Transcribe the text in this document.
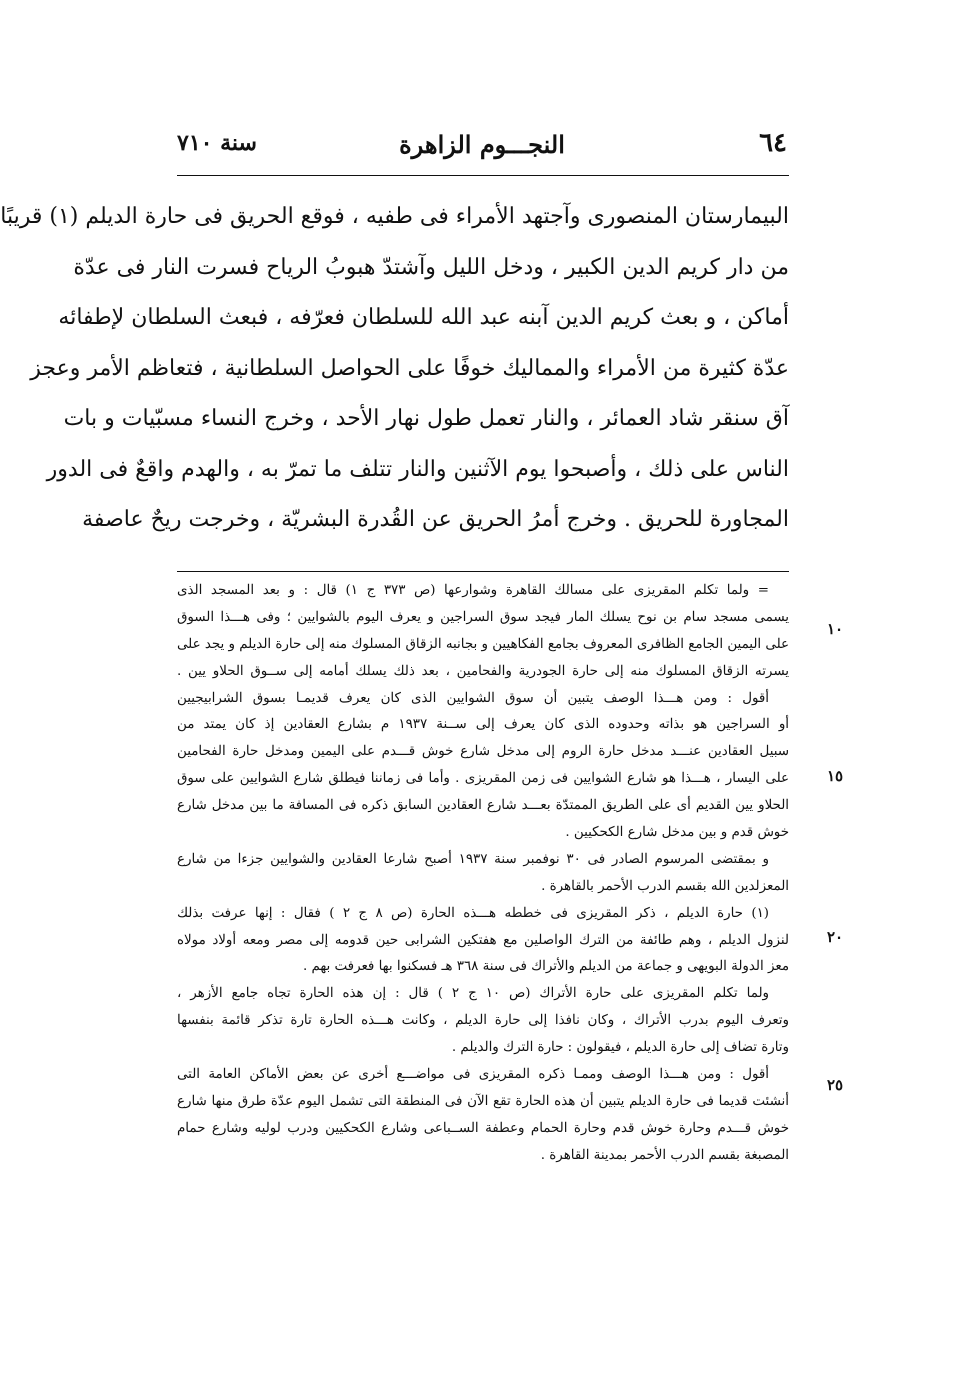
٦٤
النجـــوم الزاهرة
سنة ٧١٠
البيمارستان المنصورى وآجتهد الأمراء فى طفيه ، فوقع الحريق فى حارة الديلم (١) قريبًا
من دار كريم الدين الكبير ، ودخل الليل وآشتدّ هبوبُ الرياح فسرت النار فى عدّة
أماكن ، و بعث كريم الدين آبنه عبد الله للسلطان فعرّفه ، فبعث السلطان لإطفائه
عدّة كثيرة من الأمراء والمماليك خوفًا على الحواصل السلطانية ، فتعاظم الأمر وعجز
آق سنقر شاد العمائر ، والنار تعمل طول نهار الأحد ، وخرج النساء مسبّيات و بات
الناس على ذلك ، وأصبحوا يوم الآثنين والنار تتلف ما تمرّ به ، والهدم واقعٌ فى الدور
المجاورة للحريق . وخرج أمرُ الحريق عن القُدرة البشريّة ، وخرجت ريحٌ عاصفة
= ولما تكلم المقريزى على مسالك القاهرة وشوارعها (ص ٣٧٣ ج ١) قال : و بعد المسجد الذى
يسمى مسجد سام بن نوح يسلك المار فيجد سوق السراجين و يعرف اليوم بالشوايين ؛ وفى هـــذا السوق
على اليمين الجامع الظافرى المعروف بجامع الفكاهيين و بجانبه الزقاق المسلوك منه إلى حارة الديلم و يجد على
يسرته الزقاق المسلوك منه إلى حارة الجودرية والفحامين ، بعد ذلك يسلك أمامه إلى ســوق الحلاو يين .
أقول : ومن هـــذا الوصف يتبين أن سوق الشوايين الذى كان يعرف قديمـا بسوق الشرابيجيين
أو السراجين هو بذاته وحدوده الذى كان يعرف إلى ســنة ١٩٣٧ م بشارع العقادين إذ كان يمتد من
سبيل العقادين عنـــد مدخل حارة الروم إلى مدخل شارع خوش قـــدم على اليمين ومدخل حارة الفحامين
على اليسار ، هـــذا هو شارع الشوايين فى زمن المقريزى . وأما فى زماننا فيطلق شارع الشوايين على سوق
الحلاو يين القديم أى على الطريق الممتدّة بعـــد شارع العقادين السابق ذكره فى المسافة ما بين مدخل شارع
خوش قدم و بين مدخل شارع الكحكيين .
و بمقتضى المرسوم الصادر فى ٣٠ نوفمبر سنة ١٩٣٧ أصبح شارعا العقادين والشوايين جزءا من شارع
المعزلدين الله بقسم الدرب الأحمر بالقاهرة .
(١) حارة الديلم ، ذكر المقريزى فى خططه هـــذه الحارة (ص ٨ ج ٢ ) فقال : إنها عرفت بذلك
لنزول الديلم ، وهم طائفة من الترك الواصلين مع هفتكين الشرابى حين قدومه إلى مصر ومعه أولاد مولاه
معز الدولة البويهى و جماعة من الديلم والأتراك فى سنة ٣٦٨ هـ فسكنوا بها فعرفت بهم .
ولما تكلم المقريزى على حارة الأتراك (ص ١٠ ج ٢ ) قال : إن هذه الحارة تجاه جامع الأزهر ،
وتعرف اليوم بدرب الأتراك ، وكان نافذا إلى حارة الديلم ، وكانت هـــذه الحارة تارة تذكر قائمة بنفسها
وتارة تضاف إلى حارة الديلم ، فيقولون : حارة الترك والديلم .
أقول : ومن هـــذا الوصف وممـا ذكره المقريزى فى مواضـــع أخرى عن بعض الأماكن العامة التى
أنشئت قديما فى حارة الديلم يتبين أن هذه الحارة تقع الآن فى المنطقة التى تشمل اليوم عدّة طرق منها شارع
خوش قـــدم وحارة خوش قدم وحارة الحمام وعطفة الســباعى وشارع الكحكيين ودرب لوليه وشارع حمام
المصبغة بقسم الدرب الأحمر بمدينة القاهرة .
١٠
١٥
٢٠
٢٥
